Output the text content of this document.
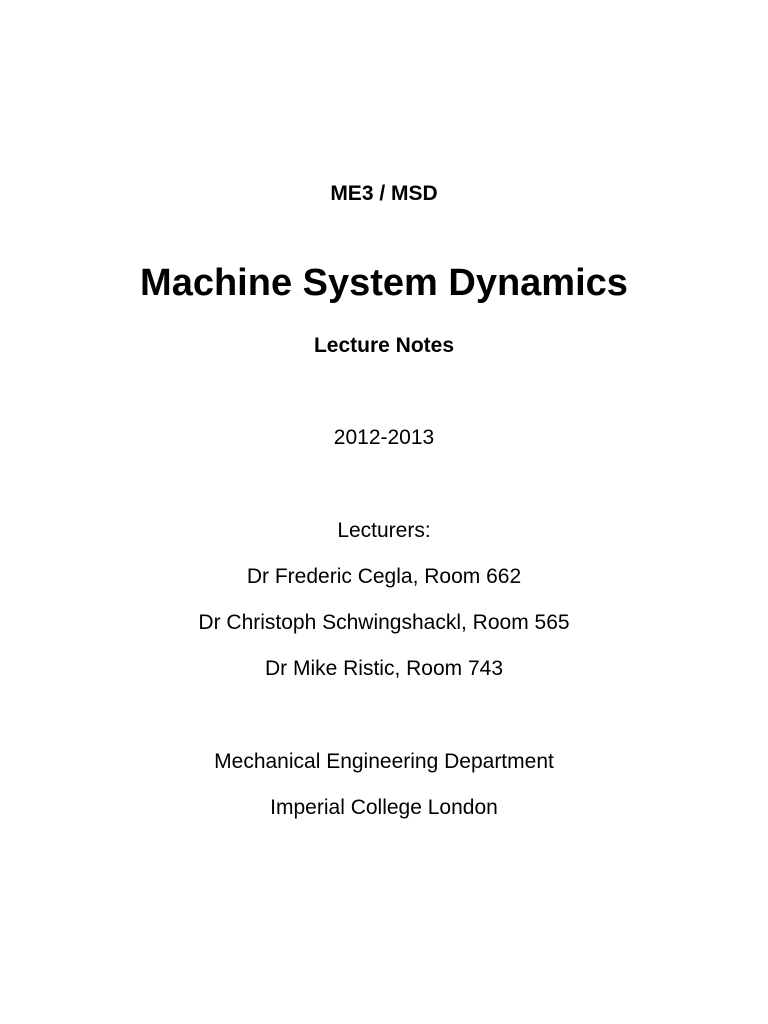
ME3 / MSD

Machine System Dynamics

Lecture Notes

2012-2013

Lecturers:

Dr Frederic Cegla, Room 662

Dr Christoph Schwingshackl, Room 565

Dr Mike Ristic, Room 743

Mechanical Engineering Department

Imperial College London
